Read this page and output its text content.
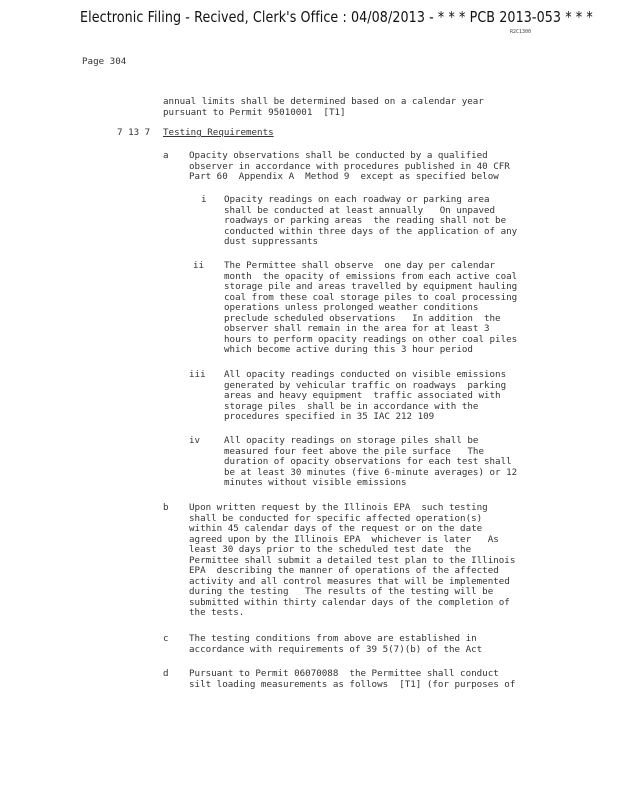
Electronic Filing - Recived, Clerk's Office : 04/08/2013 - * * * PCB 2013-053 * * *
R2C1300
Page 304
annual limits shall be determined based on a calendar year
pursuant to Permit 95010001  [T1]
7 13 7 Testing Requirements
a Opacity observations shall be conducted by a qualified
observer in accordance with procedures published in 40 CFR
Part 60  Appendix A  Method 9  except as specified below
i Opacity readings on each roadway or parking area
shall be conducted at least annually   On unpaved
roadways or parking areas  the reading shall not be
conducted within three days of the application of any
dust suppressants
ii The Permittee shall observe  one day per calendar
month  the opacity of emissions from each active coal
storage pile and areas travelled by equipment hauling
coal from these coal storage piles to coal processing
operations unless prolonged weather conditions
preclude scheduled observations   In addition  the
observer shall remain in the area for at least 3
hours to perform opacity readings on other coal piles
which become active during this 3 hour period
iii All opacity readings conducted on visible emissions
generated by vehicular traffic on roadways  parking
areas and heavy equipment  traffic associated with
storage piles  shall be in accordance with the
procedures specified in 35 IAC 212 109
iv	All opacity readings on storage piles shall be
measured four feet above the pile surface   The
duration of opacity observations for each test shall
be at least 30 minutes (five 6-minute averages) or 12
minutes without visible emissions
b Upon written request by the Illinois EPA  such testing
shall be conducted for specific affected operation(s)
within 45 calendar days of the request or on the date
agreed upon by the Illinois EPA  whichever is later   As
least 30 days prior to the scheduled test date  the
Permittee shall submit a detailed test plan to the Illinois
EPA  describing the manner of operations of the affected
activity and all control measures that will be implemented
during the testing   The results of the testing will be
submitted within thirty calendar days of the completion of
the tests.
c The testing conditions from above are established in
accordance with requirements of 39 5(7)(b) of the Act
d Pursuant to Permit 06070088  the Permittee shall conduct
silt loading measurements as follows  [T1] (for purposes of
